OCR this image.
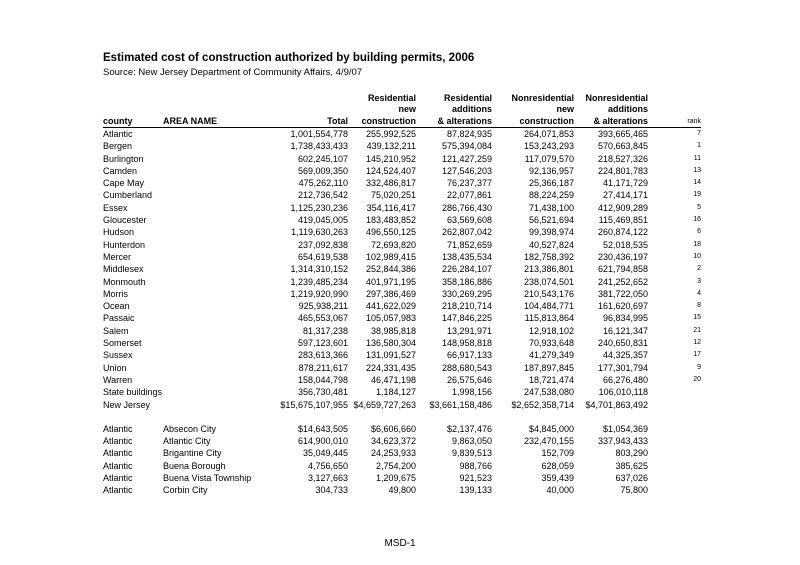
Estimated cost of construction authorized by building permits, 2006
Source: New Jersey Department of Community Affairs, 4/9/07
			Residential	Residential	Nonresidential	Nonresidential	
			new	additions	new	additions	
county	AREA NAME	Total	construction	& alterations	construction	& alterations	rank
Atlantic		1,001,554,778	255,992,525	87,824,935	264,071,853	393,665,465	7
Bergen		1,738,433,433	439,132,211	575,394,084	153,243,293	570,663,845	1
Burlington		602,245,107	145,210,952	121,427,259	117,079,570	218,527,326	11
Camden		569,009,350	124,524,407	127,546,203	92,136,957	224,801,783	13
Cape May		475,262,110	332,486,817	76,237,377	25,366,187	41,171,729	14
Cumberland		212,736,542	75,020,251	22,077,861	88,224,259	27,414,171	19
Essex		1,125,230,236	354,116,417	286,766,430	71,438,100	412,909,289	5
Gloucester		419,045,005	183,483,852	63,569,608	56,521,694	115,469,851	16
Hudson		1,119,630,263	496,550,125	262,807,042	99,398,974	260,874,122	6
Hunterdon		237,092,838	72,693,820	71,852,659	40,527,824	52,018,535	18
Mercer		654,619,538	102,989,415	138,435,534	182,758,392	230,436,197	10
Middlesex		1,314,310,152	252,844,386	226,284,107	213,386,801	621,794,858	2
Monmouth		1,239,485,234	401,971,195	358,186,886	238,074,501	241,252,652	3
Morris		1,219,920,990	297,386,469	330,269,295	210,543,176	381,722,050	4
Ocean		925,938,211	441,622,029	218,210,714	104,484,771	161,620,697	8
Passaic		465,553,067	105,057,983	147,846,225	115,813,864	96,834,995	15
Salem		81,317,238	38,985,818	13,291,971	12,918,102	16,121,347	21
Somerset		597,123,601	136,580,304	148,958,818	70,933,648	240,650,831	12
Sussex		283,613,366	131,091,527	66,917,133	41,279,349	44,325,357	17
Union		878,211,617	224,331,435	288,680,543	187,897,845	177,301,794	9
Warren		158,044,798	46,471,198	26,575,646	18,721,474	66,276,480	20
State buildings		356,730,481	1,184,127	1,998,156	247,538,080	106,010,118	
New Jersey		$15,675,107,955	$4,659,727,263	$3,661,158,486	$2,652,358,714	$4,701,863,492	

Atlantic	Absecon City	$14,643,505	$6,606,660	$2,137,476	$4,845,000	$1,054,369	
Atlantic	Atlantic City	614,900,010	34,623,372	9,863,050	232,470,155	337,943,433	
Atlantic	Brigantine City	35,049,445	24,253,933	9,839,513	152,709	803,290	
Atlantic	Buena Borough	4,756,650	2,754,200	988,766	628,059	385,625	
Atlantic	Buena Vista Township	3,127,663	1,209,675	921,523	359,439	637,026	
Atlantic	Corbin City	304,733	49,800	139,133	40,000	75,800	
MSD-1
